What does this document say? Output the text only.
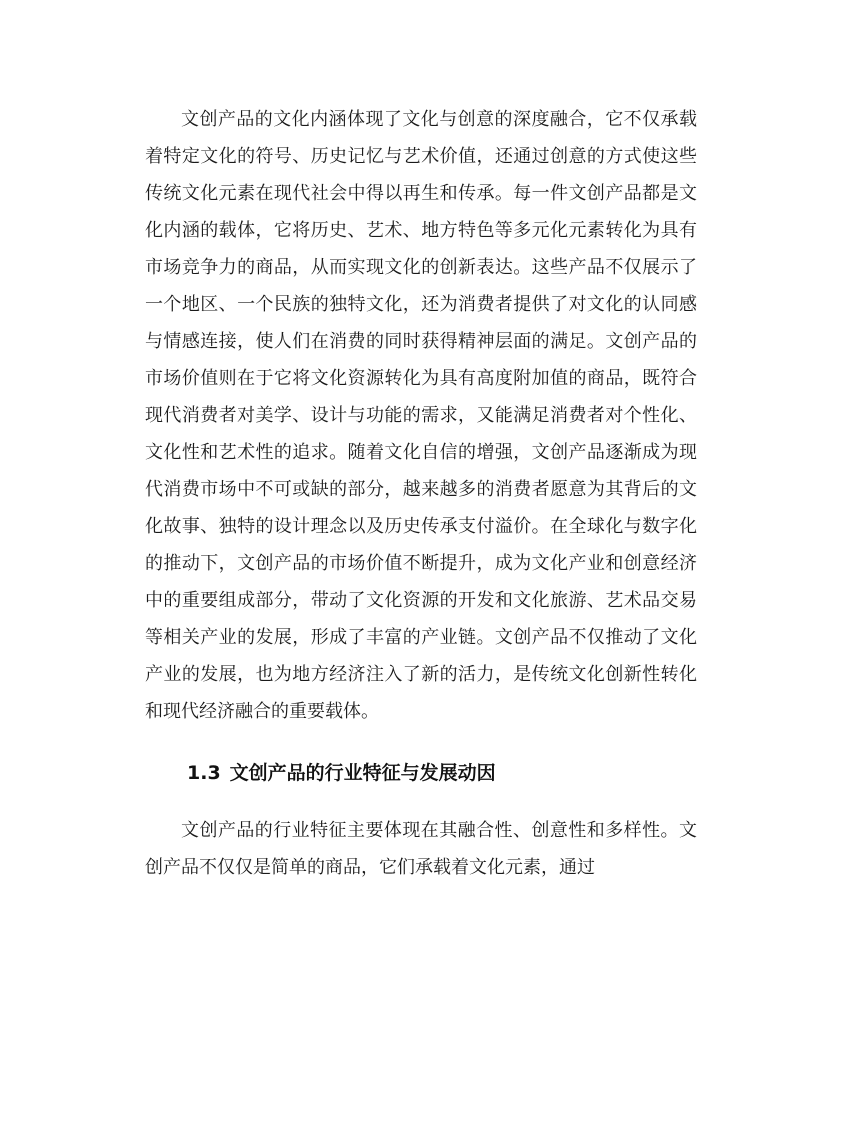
文创产品的文化内涵体现了文化与创意的深度融合，它不仅承载着特定文化的符号、历史记忆与艺术价值，还通过创意的方式使这些传统文化元素在现代社会中得以再生和传承。每一件文创产品都是文化内涵的载体，它将历史、艺术、地方特色等多元化元素转化为具有市场竞争力的商品，从而实现文化的创新表达。这些产品不仅展示了一个地区、一个民族的独特文化，还为消费者提供了对文化的认同感与情感连接，使人们在消费的同时获得精神层面的满足。文创产品的市场价值则在于它将文化资源转化为具有高度附加值的商品，既符合现代消费者对美学、设计与功能的需求，又能满足消费者对个性化、文化性和艺术性的追求。随着文化自信的增强，文创产品逐渐成为现代消费市场中不可或缺的部分，越来越多的消费者愿意为其背后的文化故事、独特的设计理念以及历史传承支付溢价。在全球化与数字化的推动下，文创产品的市场价值不断提升，成为文化产业和创意经济中的重要组成部分，带动了文化资源的开发和文化旅游、艺术品交易等相关产业的发展，形成了丰富的产业链。文创产品不仅推动了文化产业的发展，也为地方经济注入了新的活力，是传统文化创新性转化和现代经济融合的重要载体。

1.3 文创产品的行业特征与发展动因

文创产品的行业特征主要体现在其融合性、创意性和多样性。文创产品不仅仅是简单的商品，它们承载着文化元素，通过
